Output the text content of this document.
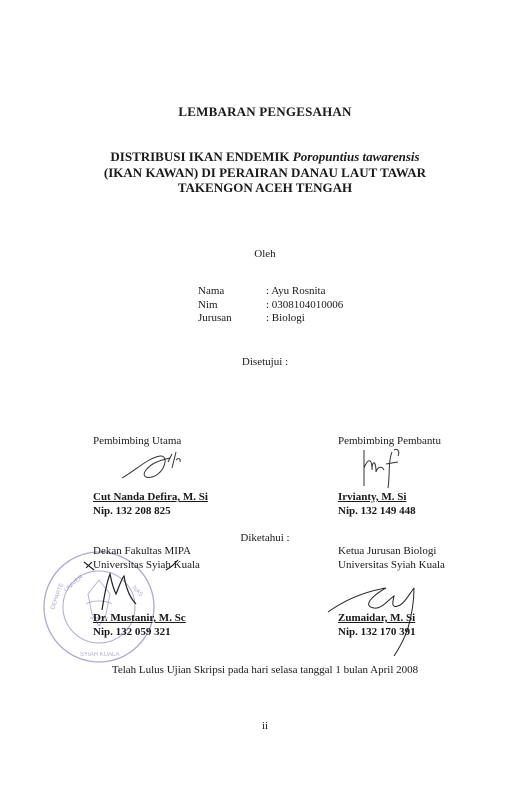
LEMBARAN PENGESAHAN
DISTRIBUSI IKAN ENDEMIK Poropuntius tawarensis
(IKAN KAWAN) DI PERAIRAN DANAU LAUT TAWAR
TAKENGON ACEH TENGAH
Oleh
Nama	: Ayu Rosnita
Nim	: 0308104010006
Jurusan	: Biologi
Disetujui :
Pembimbing Utama
Cut Nanda Defira, M. Si
Nip. 132 208 825
Pembimbing Pembantu
Irvianty, M. Si
Nip. 132 149 448
Diketahui :
DEPARTE
UNIVER	NAS
SYIAH KUALA
Dekan Fakultas MIPA
Universitas Syiah Kuala
Dr. Mustanir, M. Sc
Nip. 132 059 321
Ketua Jurusan Biologi
Universitas Syiah Kuala
Zumaidar, M. Si
Nip. 132 170 391
Telah Lulus Ujian Skripsi pada hari selasa tanggal 1 bulan April 2008
ii
